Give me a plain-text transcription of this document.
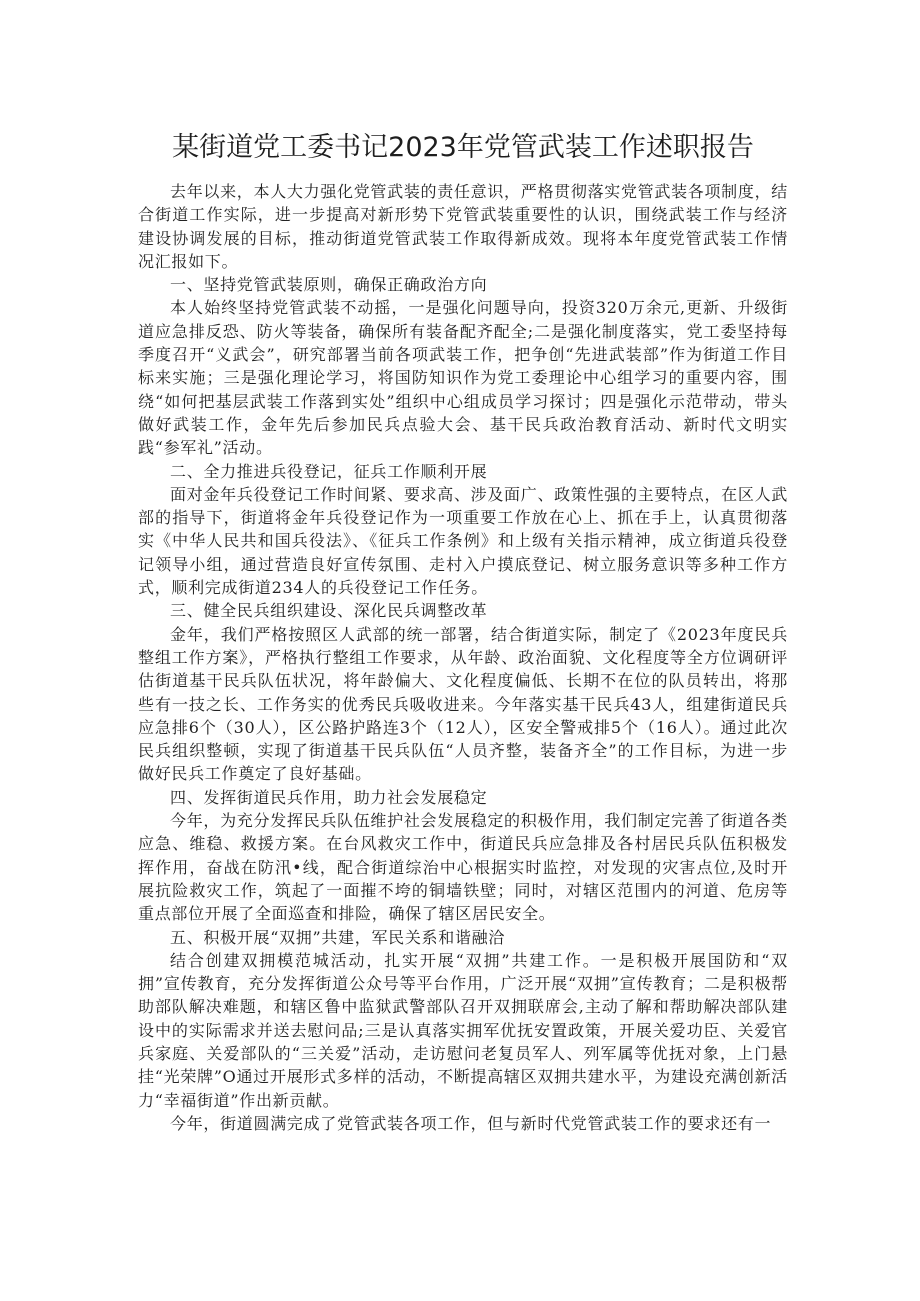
某街道党工委书记2023年党管武装工作述职报告

去年以来，本人大力强化党管武装的责任意识，严格贯彻落实党管武装各项制度，结合街道工作实际，进一步提高对新形势下党管武装重要性的认识，围绕武装工作与经济建设协调发展的目标，推动街道党管武装工作取得新成效。现将本年度党管武装工作情况汇报如下。

一、坚持党管武装原则，确保正确政治方向

本人始终坚持党管武装不动摇，一是强化问题导向，投资320万余元,更新、升级街道应急排反恐、防火等装备，确保所有装备配齐配全;二是强化制度落实，党工委坚持每季度召开“义武会”，研究部署当前各项武装工作，把争创“先进武装部”作为街道工作目标来实施；三是强化理论学习，将国防知识作为党工委理论中心组学习的重要内容，围绕“如何把基层武装工作落到实处”组织中心组成员学习探讨；四是强化示范带动，带头做好武装工作，金年先后参加民兵点验大会、基干民兵政治教育活动、新时代文明实践“参军礼”活动。

二、全力推进兵役登记，征兵工作顺利开展

面对金年兵役登记工作时间紧、要求高、涉及面广、政策性强的主要特点，在区人武部的指导下，街道将金年兵役登记作为一项重要工作放在心上、抓在手上，认真贯彻落实《中华人民共和国兵役法》、《征兵工作条例》和上级有关指示精神，成立街道兵役登记领导小组，通过营造良好宣传氛围、走村入户摸底登记、树立服务意识等多种工作方式，顺利完成街道234人的兵役登记工作任务。

三、健全民兵组织建设、深化民兵调整改革

金年，我们严格按照区人武部的统一部署，结合街道实际，制定了《2023年度民兵整组工作方案》，严格执行整组工作要求，从年龄、政治面貌、文化程度等全方位调研评估街道基干民兵队伍状况，将年龄偏大、文化程度偏低、长期不在位的队员转出，将那些有一技之长、工作务实的优秀民兵吸收进来。今年落实基干民兵43人，组建街道民兵应急排6个（30人），区公路护路连3个（12人），区安全警戒排5个（16人）。通过此次民兵组织整顿，实现了街道基干民兵队伍“人员齐整，装备齐全”的工作目标，为进一步做好民兵工作奠定了良好基础。

四、发挥街道民兵作用，助力社会发展稳定

今年，为充分发挥民兵队伍维护社会发展稳定的积极作用，我们制定完善了街道各类应急、维稳、救援方案。在台风救灾工作中，街道民兵应急排及各村居民兵队伍积极发挥作用，奋战在防汛•线，配合街道综治中心根据实时监控，对发现的灾害点位,及时开展抗险救灾工作，筑起了一面摧不垮的铜墙铁壁；同时，对辖区范围内的河道、危房等重点部位开展了全面巡查和排险，确保了辖区居民安全。

五、积极开展“双拥”共建，军民关系和谐融洽

结合创建双拥模范城活动，扎实开展“双拥”共建工作。一是积极开展国防和“双拥”宣传教育，充分发挥街道公众号等平台作用，广泛开展“双拥”宣传教育；二是积极帮助部队解决难题，和辖区鲁中监狱武警部队召开双拥联席会,主动了解和帮助解决部队建设中的实际需求并送去慰问品;三是认真落实拥军优抚安置政策，开展关爱功臣、关爱官兵家庭、关爱部队的“三关爱”活动，走访慰问老复员军人、列军属等优抚对象，上门悬挂“光荣牌”O通过开展形式多样的活动，不断提高辖区双拥共建水平，为建设充满创新活力“幸福街道”作出新贡献。

今年，街道圆满完成了党管武装各项工作，但与新时代党管武装工作的要求还有一
